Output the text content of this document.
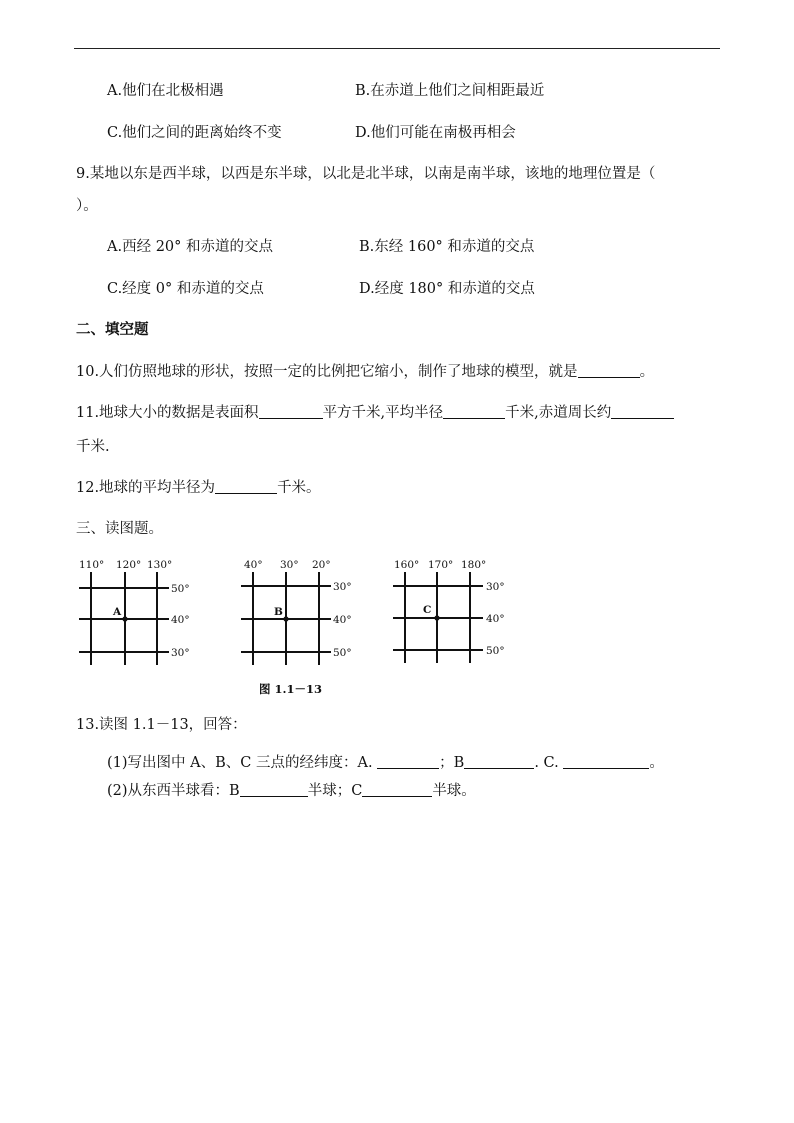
A.他们在北极相遇	B.在赤道上他们之间相距最近
C.他们之间的距离始终不变	D.他们可能在南极再相会
9.某地以东是西半球，以西是东半球，以北是北半球，以南是南半球，该地的地理位置是（
）。
A.西经 20° 和赤道的交点	B.东经 160° 和赤道的交点
C.经度 0° 和赤道的交点	D.经度 180° 和赤道的交点
二、填空题
10.人们仿照地球的形状，按照一定的比例把它缩小，制作了地球的模型，就是	。
11.地球大小的数据是表面积	平方千米,平均半径	千米,赤道周长约
千米.
12.地球的平均半径为	千米。
三、读图题。
110° 120° 130°
50°
40°
30°
A
40° 30° 20°
30°
40°
50°
B
160° 170° 180°
30°
40°
50°
C
图 1.1－13
13.读图 1.1－13，回答：
(1)写出图中 A、B、C 三点的经纬度：A.	；B	. C.	。
(2)从东西半球看：B	半球；C	半球。
